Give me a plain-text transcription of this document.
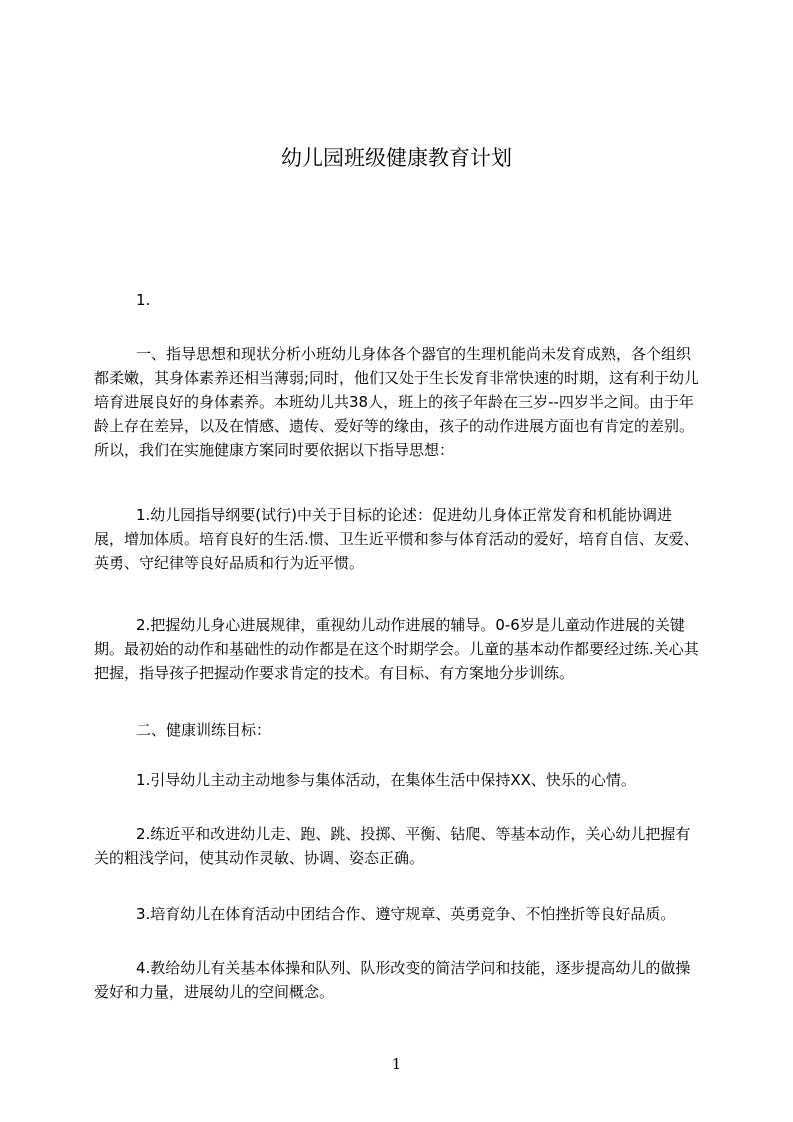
幼儿园班级健康教育计划

1.

一、指导思想和现状分析小班幼儿身体各个器官的生理机能尚未发育成熟，各个组织都柔嫩，其身体素养还相当薄弱;同时，他们又处于生长发育非常快速的时期，这有利于幼儿培育进展良好的身体素养。本班幼儿共38人，班上的孩子年龄在三岁--四岁半之间。由于年龄上存在差异，以及在情感、遗传、爱好等的缘由，孩子的动作进展方面也有肯定的差别。所以，我们在实施健康方案同时要依据以下指导思想：

1.幼儿园指导纲要(试行)中关于目标的论述：促进幼儿身体正常发育和机能协调进展，增加体质。培育良好的生活.惯、卫生近平惯和参与体育活动的爱好，培育自信、友爱、英勇、守纪律等良好品质和行为近平惯。

2.把握幼儿身心进展规律，重视幼儿动作进展的辅导。0-6岁是儿童动作进展的关键期。最初始的动作和基础性的动作都是在这个时期学会。儿童的基本动作都要经过练.关心其把握，指导孩子把握动作要求肯定的技术。有目标、有方案地分步训练。

二、健康训练目标：

1.引导幼儿主动主动地参与集体活动，在集体生活中保持XX、快乐的心情。

2.练近平和改进幼儿走、跑、跳、投掷、平衡、钻爬、等基本动作，关心幼儿把握有关的粗浅学问，使其动作灵敏、协调、姿态正确。

3.培育幼儿在体育活动中团结合作、遵守规章、英勇竞争、不怕挫折等良好品质。

4.教给幼儿有关基本体操和队列、队形改变的简洁学问和技能，逐步提高幼儿的做操爱好和力量，进展幼儿的空间概念。

1
